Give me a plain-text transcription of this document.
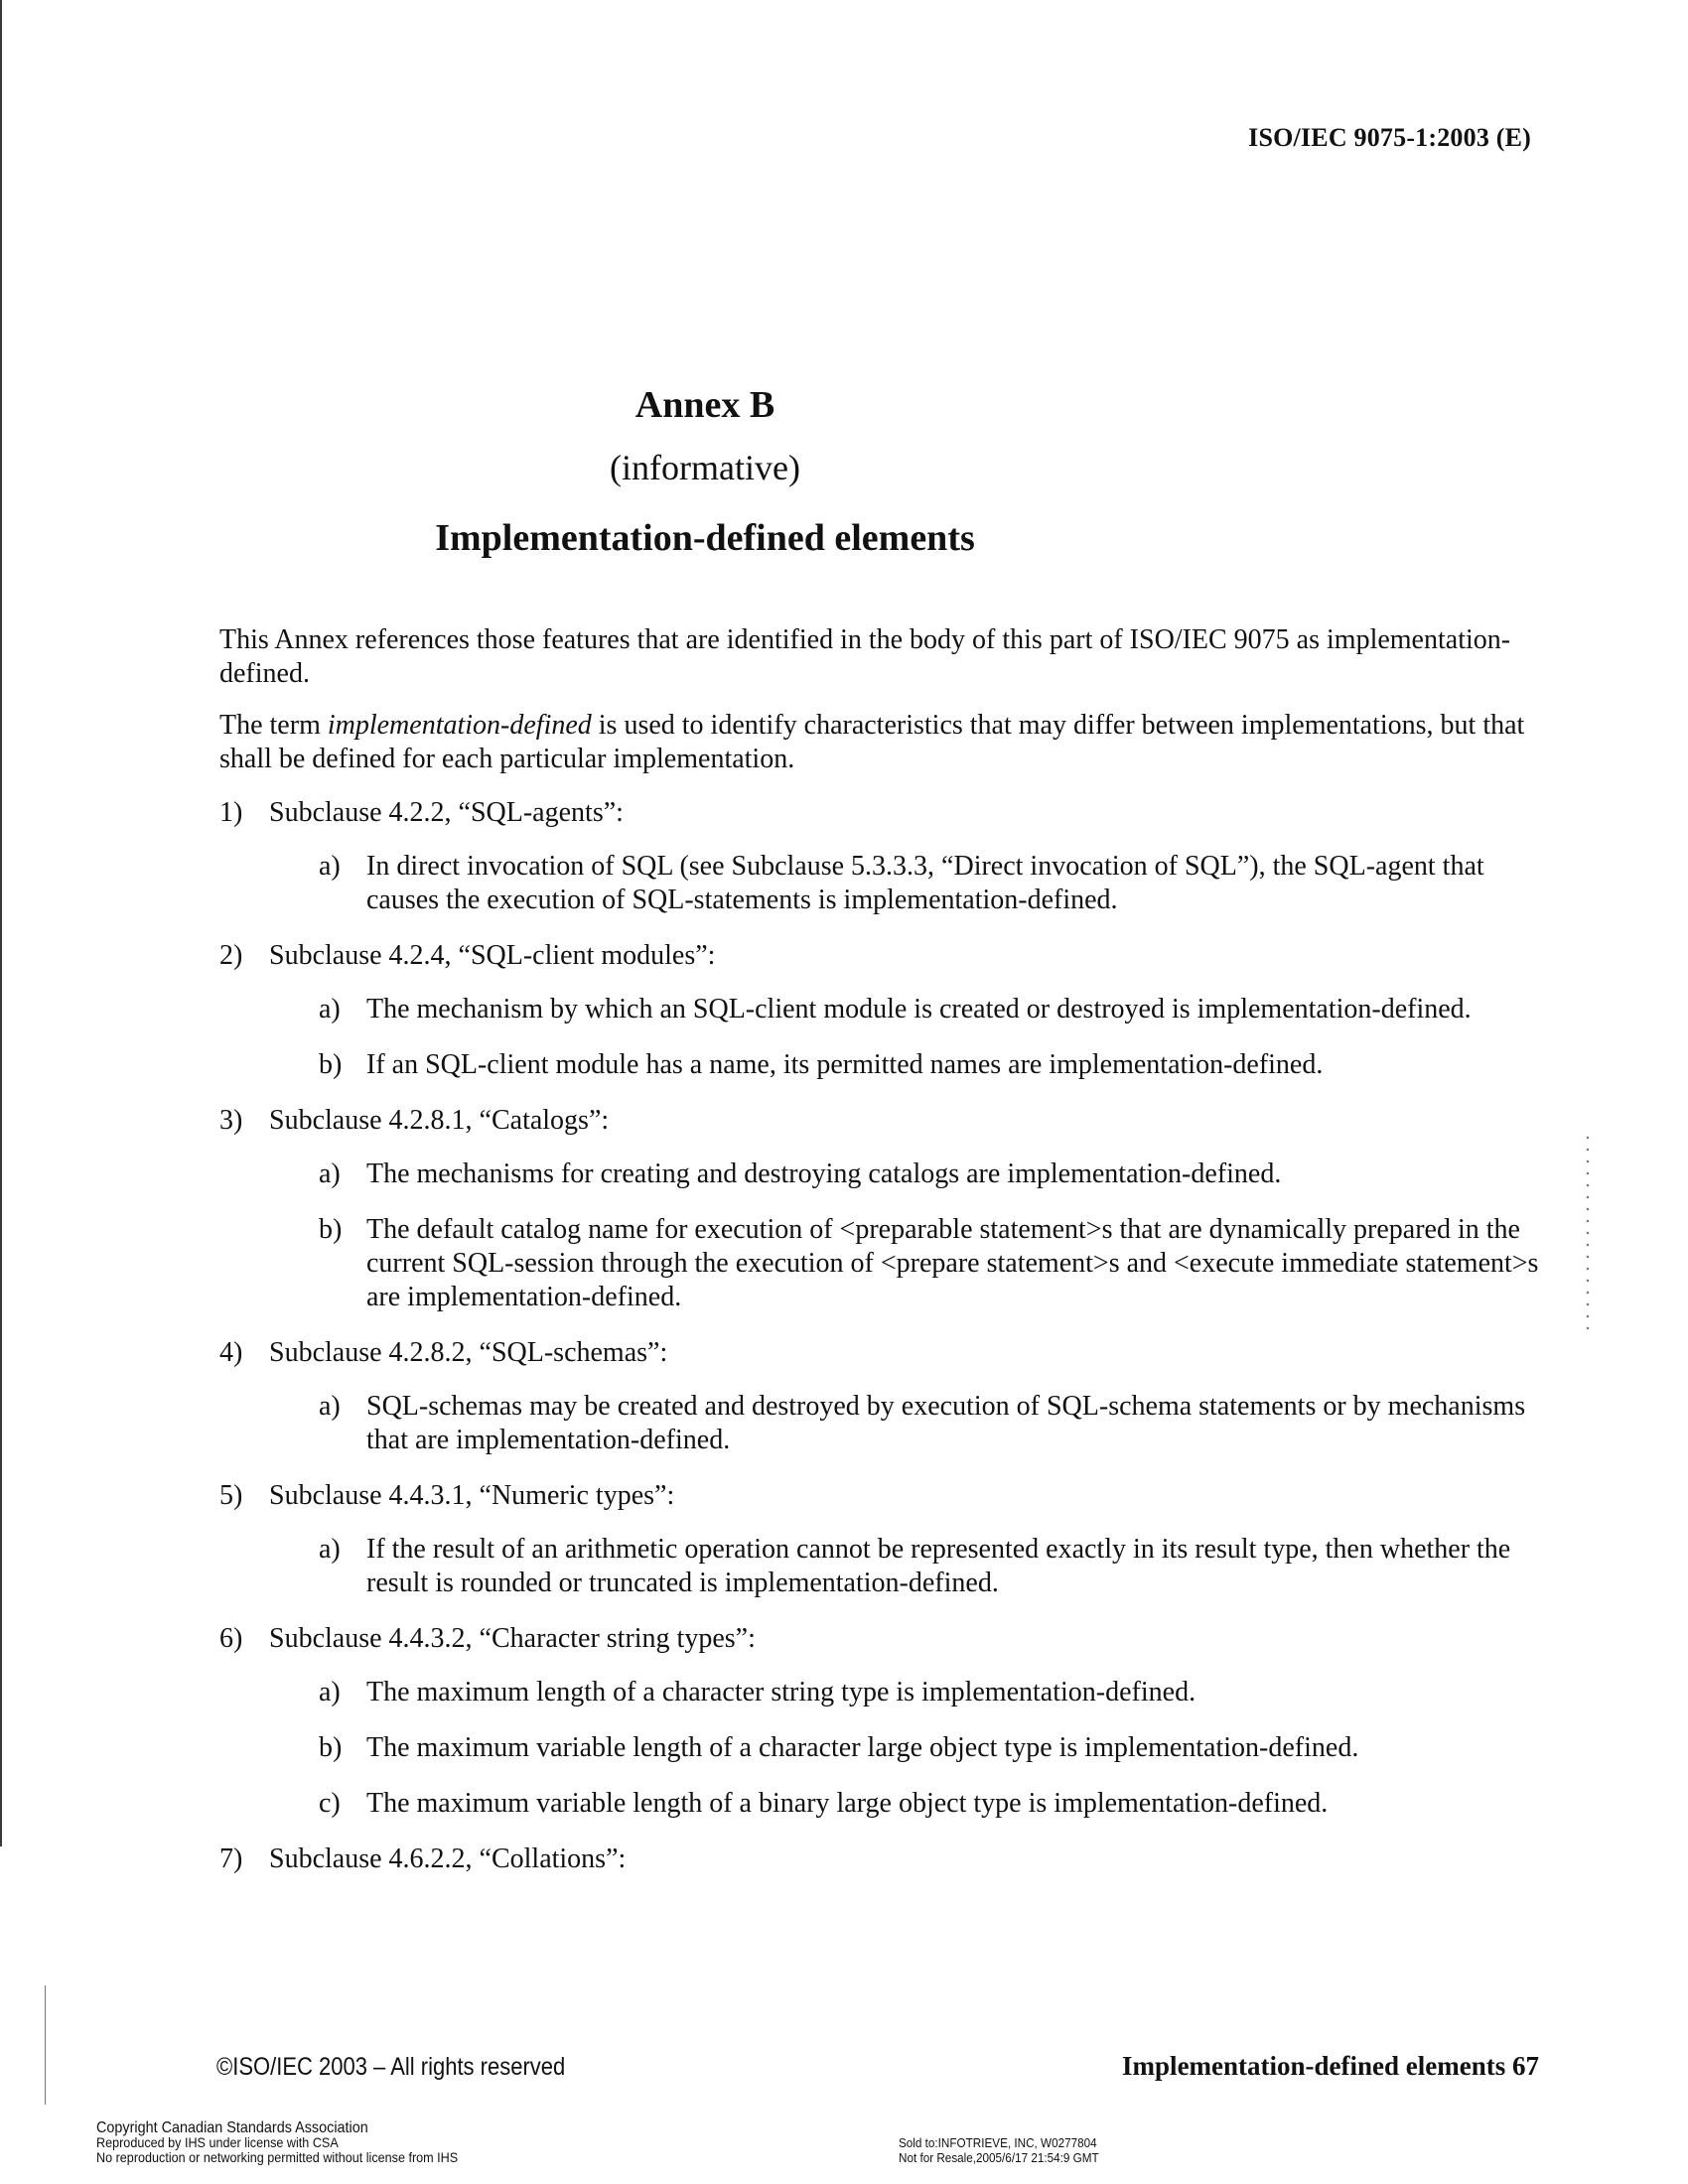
ISO/IEC 9075-1:2003 (E)
Annex B
(informative)
Implementation-defined elements

This Annex references those features that are identified in the body of this part of ISO/IEC 9075 as implementation-defined.

The term implementation-defined is used to identify characteristics that may differ between implementations, but that shall be defined for each particular implementation.

1) Subclause 4.2.2, “SQL-agents”:
a) In direct invocation of SQL (see Subclause 5.3.3.3, “Direct invocation of SQL”), the SQL-agent that causes the execution of SQL-statements is implementation-defined.
2) Subclause 4.2.4, “SQL-client modules”:
a) The mechanism by which an SQL-client module is created or destroyed is implementation-defined.
b) If an SQL-client module has a name, its permitted names are implementation-defined.
3) Subclause 4.2.8.1, “Catalogs”:
a) The mechanisms for creating and destroying catalogs are implementation-defined.
b) The default catalog name for execution of <preparable statement>s that are dynamically prepared in the current SQL-session through the execution of <prepare statement>s and <execute immediate statement>s are implementation-defined.
4) Subclause 4.2.8.2, “SQL-schemas”:
a) SQL-schemas may be created and destroyed by execution of SQL-schema statements or by mechanisms that are implementation-defined.
5) Subclause 4.4.3.1, “Numeric types”:
a) If the result of an arithmetic operation cannot be represented exactly in its result type, then whether the result is rounded or truncated is implementation-defined.
6) Subclause 4.4.3.2, “Character string types”:
a) The maximum length of a character string type is implementation-defined.
b) The maximum variable length of a character large object type is implementation-defined.
c) The maximum variable length of a binary large object type is implementation-defined.
7) Subclause 4.6.2.2, “Collations”:
©ISO/IEC 2003 – All rights reserved	Implementation-defined elements 67
Copyright Canadian Standards Association
Reproduced by IHS under license with CSA
No reproduction or networking permitted without license from IHS
Sold to:INFOTRIEVE, INC, W0277804
Not for Resale,2005/6/17 21:54:9 GMT
